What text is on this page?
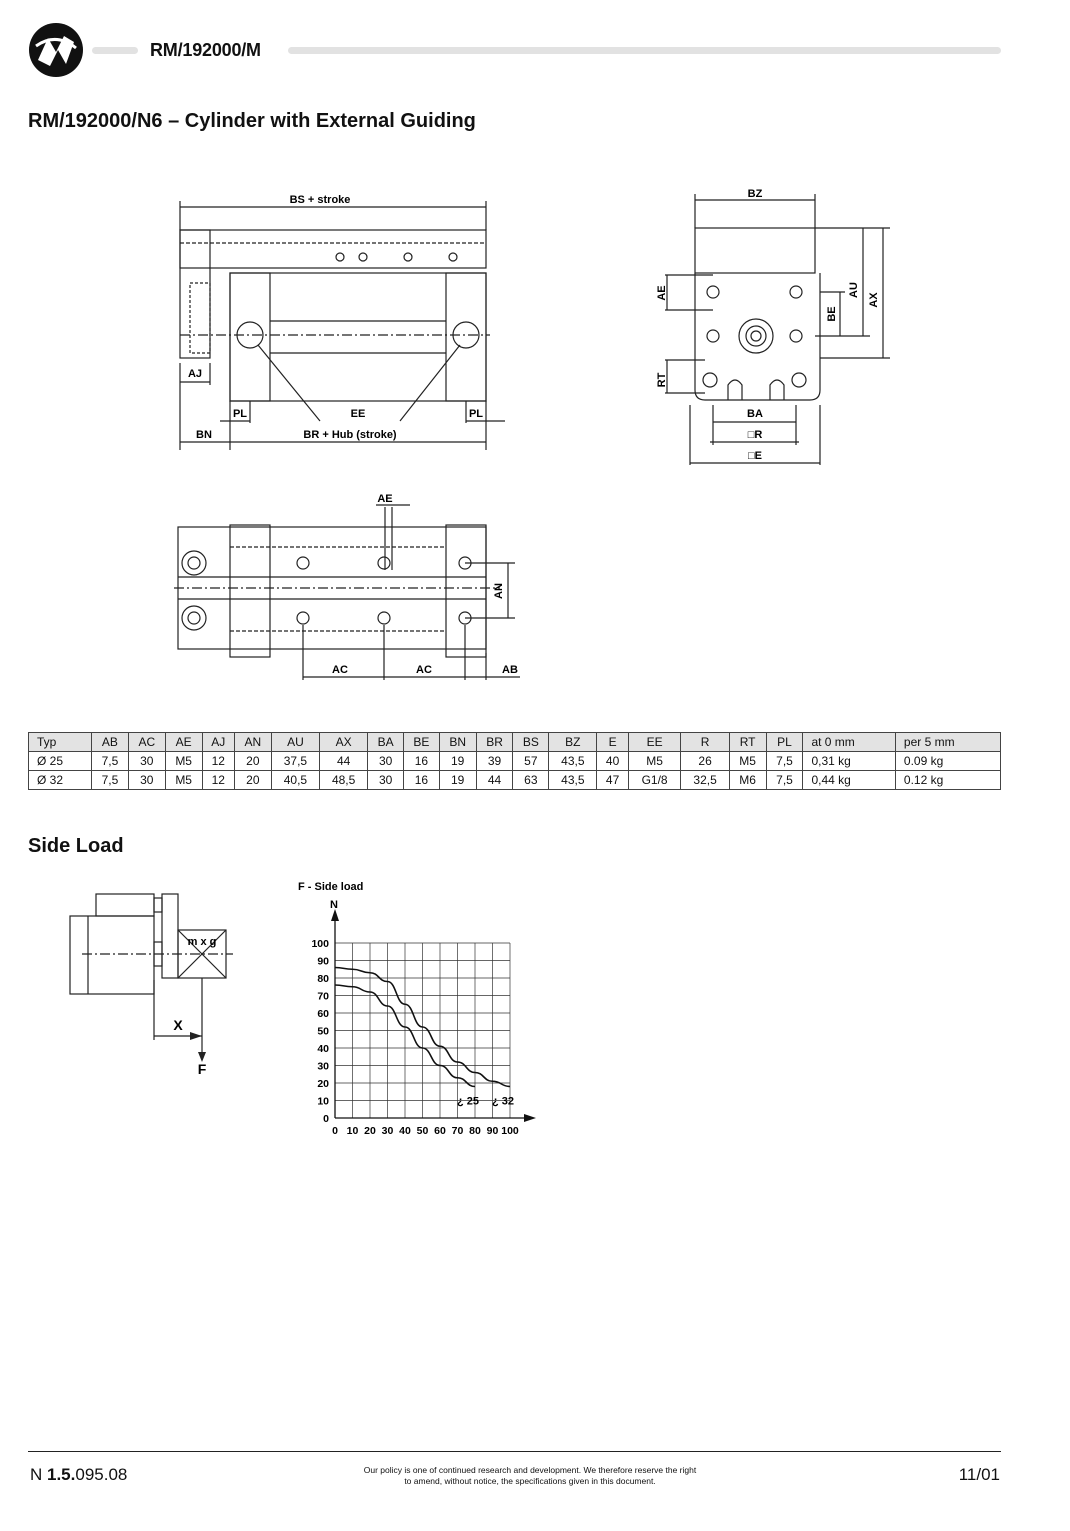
RM/192000/M
RM/192000/N6 – Cylinder with External Guiding
BS + stroke
AJ
PL	EE	PL
BN	BR + Hub (stroke)
BZ
AE
RT
AU
AX
BE
BA
□R
□E
AE
AN
AC	AC	AB
Typ	AB	AC	AE	AJ	AN	AU	AX	BA	BE	BN	BR	BS	BZ	E	EE	R	RT	PL	at 0 mm	per 5 mm
Ø 25	7,5	30	M5	12	20	37,5	44	30	16	19	39	57	43,5	40	M5	26	M5	7,5	0,31 kg	0.09 kg
Ø 32	7,5	30	M5	12	20	40,5	48,5	30	16	19	44	63	43,5	47	G1/8	32,5	M6	7,5	0,44 kg	0.12 kg
Side Load
m x g
X
F
F - Side load
N
0
10
20
30
40
50
60
70
80
90
100
0 10 20 30 40 50 60 70 80 90 100
¿ 25 ¿ 32
N 1.5.095.08	Our policy is one of continued research and development. We therefore reserve the right
to amend, without notice, the specifications given in this document.	11/01
